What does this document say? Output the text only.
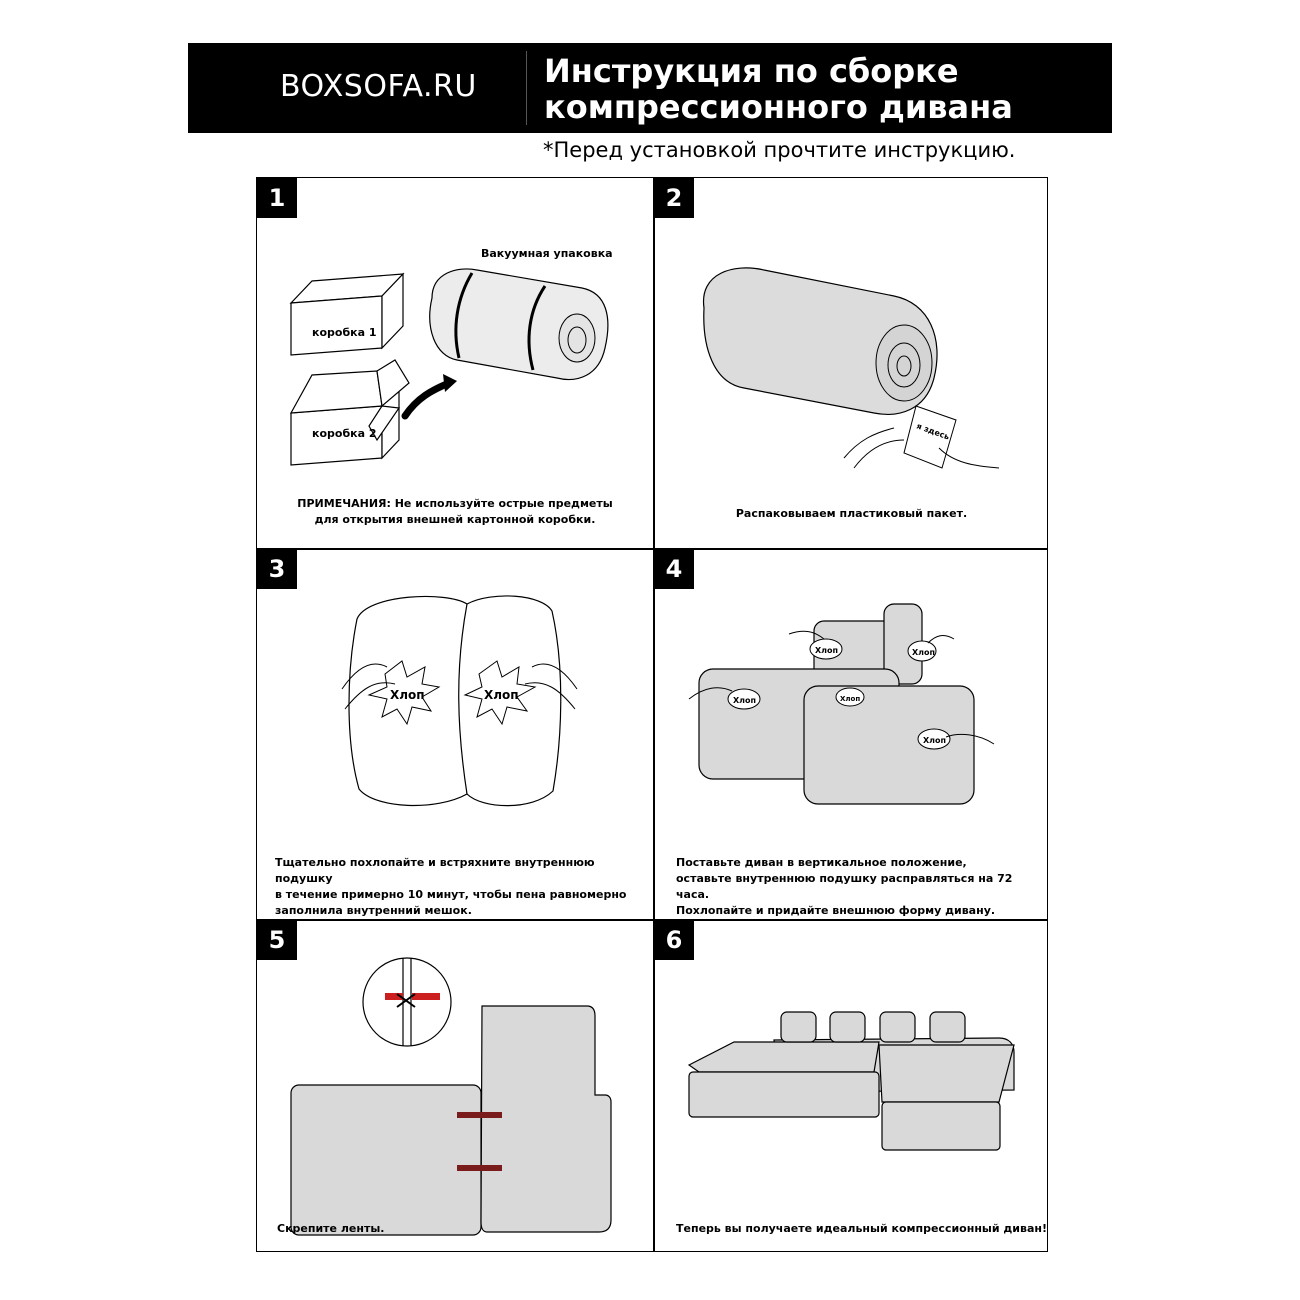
BOXSOFA.RU Инструкция по сборке
компрессионного дивана
*Перед установкой прочтите инструкцию.
1
Вакуумная упаковка
коробка 1
коробка 2
ПРИМЕЧАНИЯ: Не используйте острые предметы
для открытия внешней картонной коробки.
2
я здесь
Распаковываем пластиковый пакет.
3
Хлоп	Хлоп
Тщательно похлопайте и встряхните внутреннюю подушку
в течение примерно 10 минут, чтобы пена равномерно
заполнила внутренний мешок.
4
Хлоп	Хлоп
Хлоп	Хлоп
Хлоп
Поставьте диван в вертикальное положение,
оставьте внутреннюю подушку расправляться на 72 часа.
Похлопайте и придайте внешнюю форму дивану.
5
Скрепите ленты.
6
Теперь вы получаете идеальный компрессионный диван!
